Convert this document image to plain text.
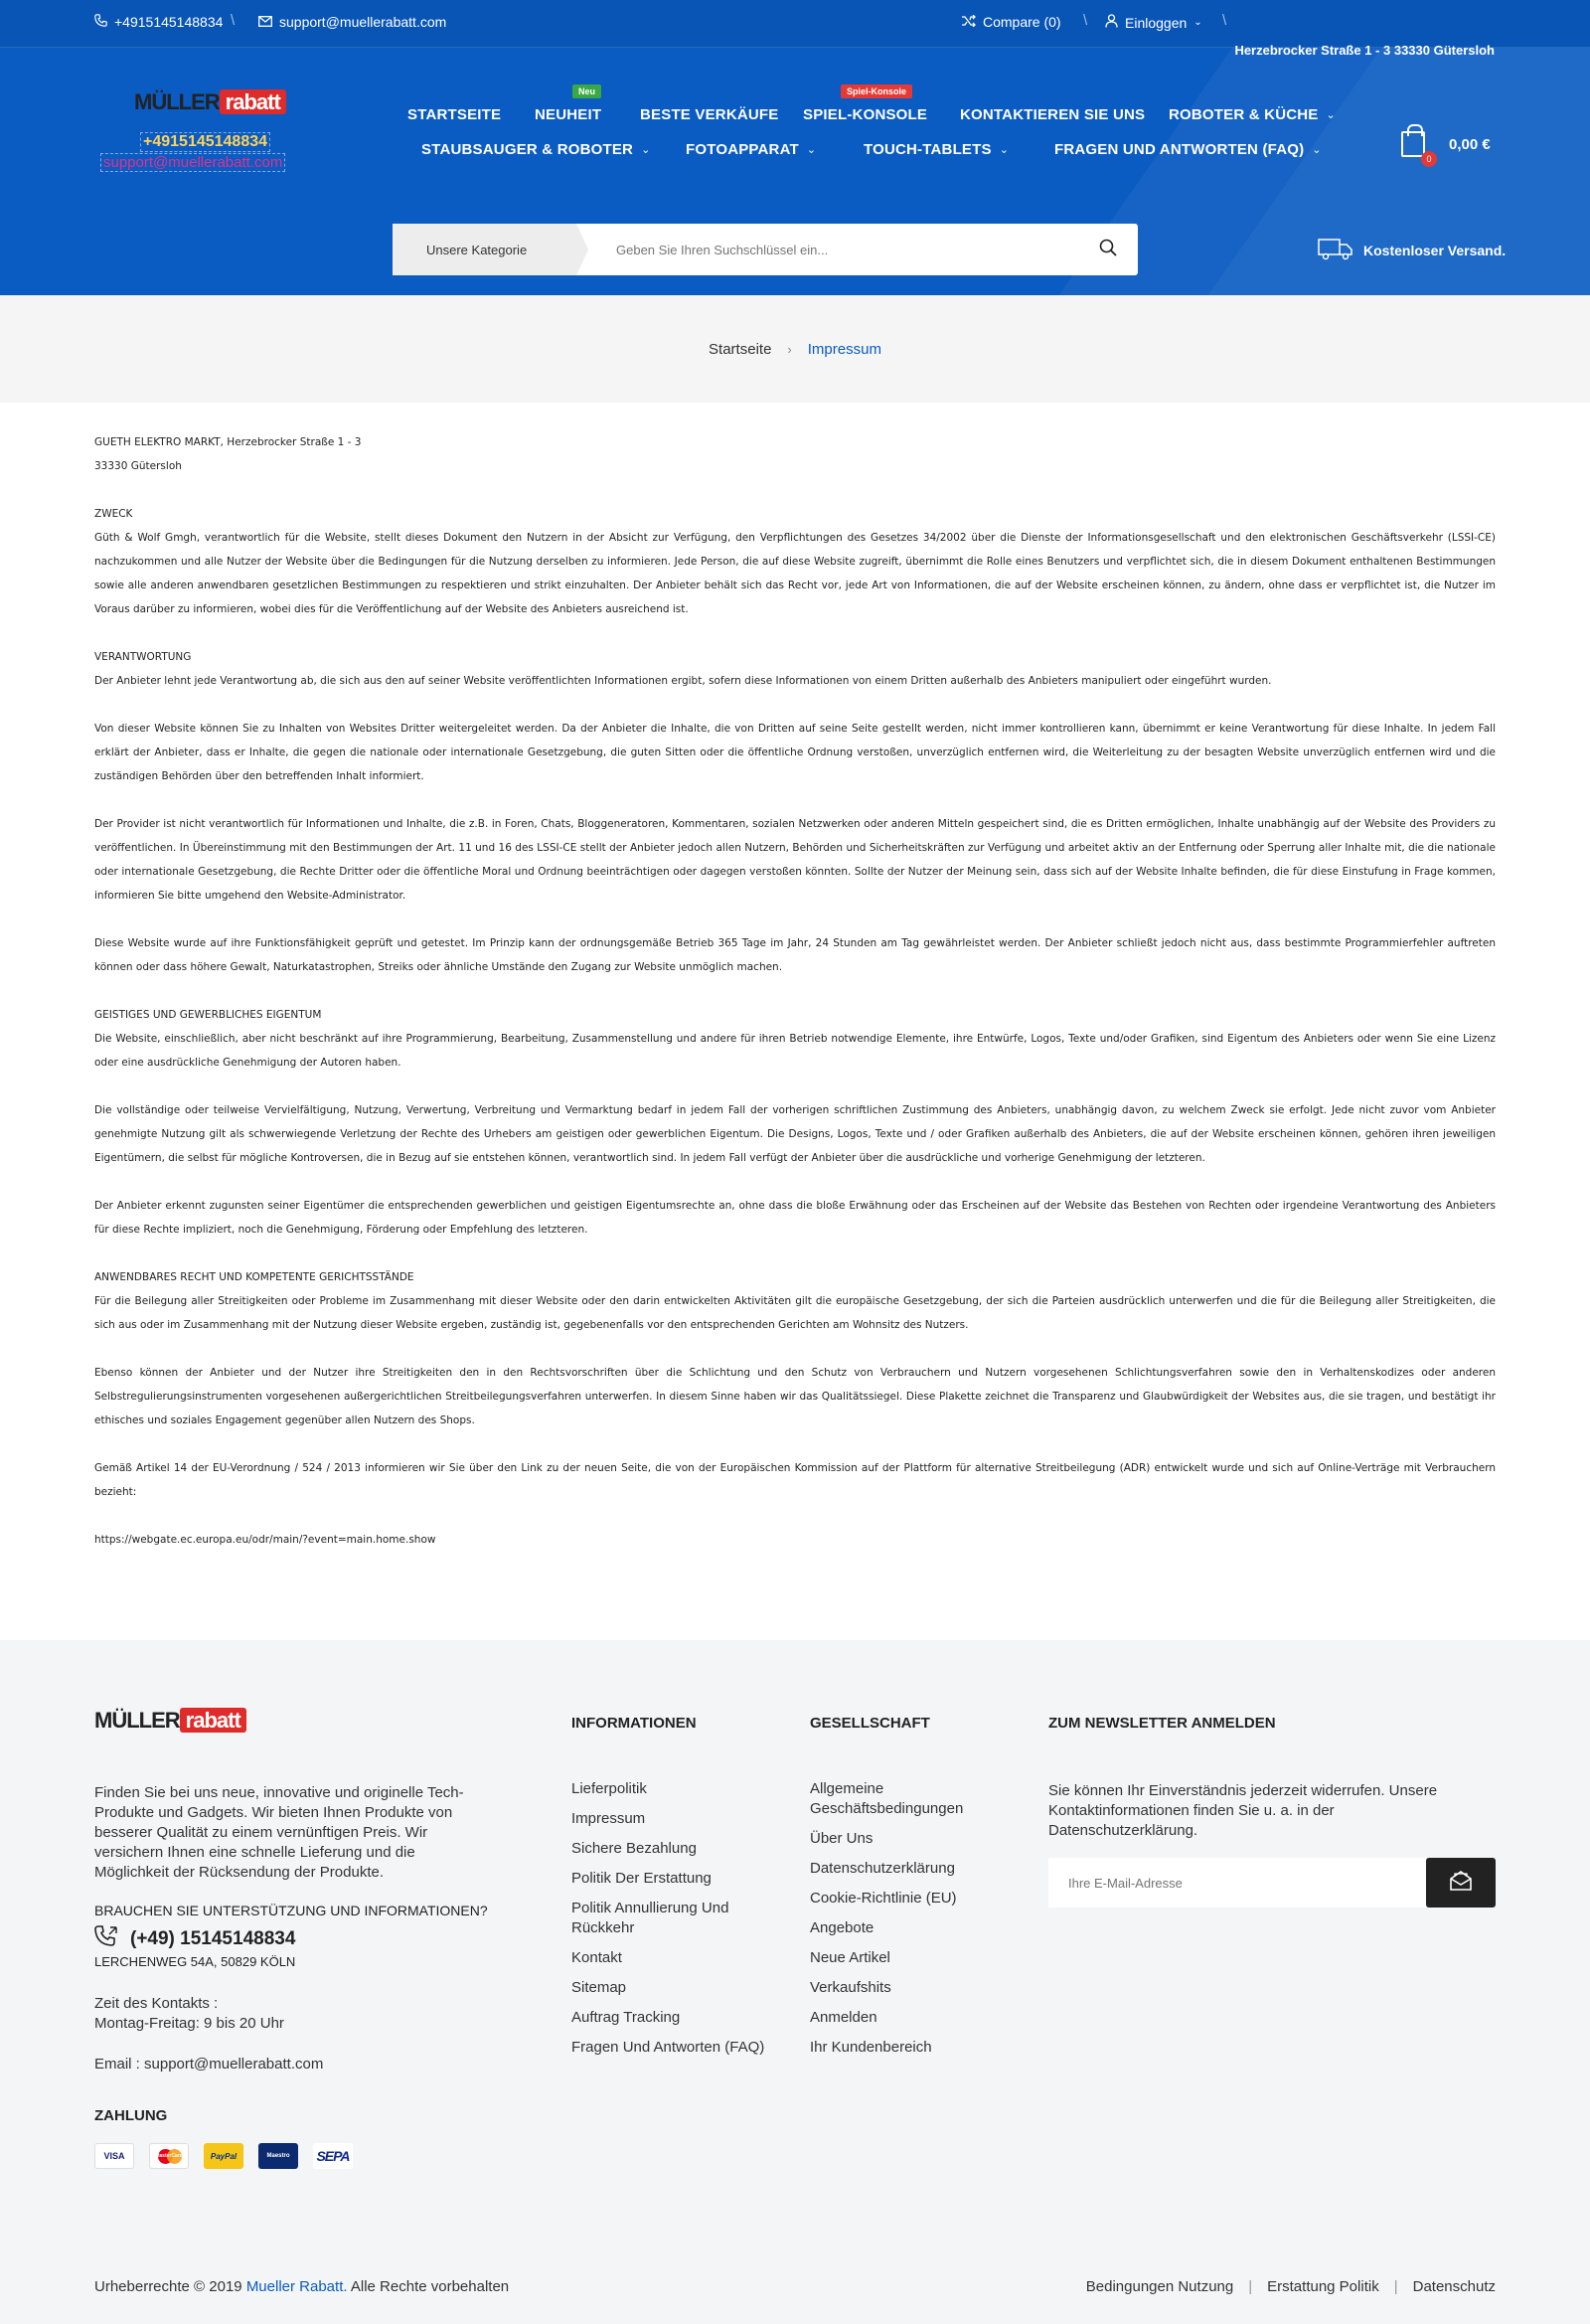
+4915145148834 \	support@muellerabatt.com	Compare (0) \	Einloggen ⌄ \
Herzebrocker Straße 1 - 3 33330 Gütersloh
MÜLLER rabatt
+4915145148834
support@muellerabatt.com
STARTSEITE
Neu
NEUHEIT	BESTE VERKÄUFE
Spiel-Konsole
SPIEL-KONSOLE KONTAKTIEREN SIE UNS ROBOTER & KÜCHE ⌄
STAUBSAUGER & ROBOTER ⌄ FOTOAPPARAT ⌄	TOUCH-TABLETS ⌄	FRAGEN UND ANTWORTEN (FAQ) ⌄
0
0,00 €
Unsere Kategorie
Geben Sie Ihren Suchschlüssel ein...	Kostenloser Versand.
Startseite › Impressum

GUETH ELEKTRO MARKT, Herzebrocker Straße 1 - 3

33330 Gütersloh

ZWECK

Güth & Wolf Gmgh, verantwortlich für die Website, stellt dieses Dokument den Nutzern in der Absicht zur Verfügung, den Verpflichtungen des Gesetzes 34/2002 über die Dienste der Informationsgesellschaft und den elektronischen Geschäftsverkehr (LSSI-CE) nachzukommen und alle Nutzer der Website über die Bedingungen für die Nutzung derselben zu informieren. Jede Person, die auf diese Website zugreift, übernimmt die Rolle eines Benutzers und verpflichtet sich, die in diesem Dokument enthaltenen Bestimmungen sowie alle anderen anwendbaren gesetzlichen Bestimmungen zu respektieren und strikt einzuhalten. Der Anbieter behält sich das Recht vor, jede Art von Informationen, die auf der Website erscheinen können, zu ändern, ohne dass er verpflichtet ist, die Nutzer im Voraus darüber zu informieren, wobei dies für die Veröffentlichung auf der Website des Anbieters ausreichend ist.

VERANTWORTUNG

Der Anbieter lehnt jede Verantwortung ab, die sich aus den auf seiner Website veröffentlichten Informationen ergibt, sofern diese Informationen von einem Dritten außerhalb des Anbieters manipuliert oder eingeführt wurden.

Von dieser Website können Sie zu Inhalten von Websites Dritter weitergeleitet werden. Da der Anbieter die Inhalte, die von Dritten auf seine Seite gestellt werden, nicht immer kontrollieren kann, übernimmt er keine Verantwortung für diese Inhalte. In jedem Fall erklärt der Anbieter, dass er Inhalte, die gegen die nationale oder internationale Gesetzgebung, die guten Sitten oder die öffentliche Ordnung verstoßen, unverzüglich entfernen wird, die Weiterleitung zu der besagten Website unverzüglich entfernen wird und die zuständigen Behörden über den betreffenden Inhalt informiert.

Der Provider ist nicht verantwortlich für Informationen und Inhalte, die z.B. in Foren, Chats, Bloggeneratoren, Kommentaren, sozialen Netzwerken oder anderen Mitteln gespeichert sind, die es Dritten ermöglichen, Inhalte unabhängig auf der Website des Providers zu veröffentlichen. In Übereinstimmung mit den Bestimmungen der Art. 11 und 16 des LSSI-CE stellt der Anbieter jedoch allen Nutzern, Behörden und Sicherheitskräften zur Verfügung und arbeitet aktiv an der Entfernung oder Sperrung aller Inhalte mit, die die nationale oder internationale Gesetzgebung, die Rechte Dritter oder die öffentliche Moral und Ordnung beeinträchtigen oder dagegen verstoßen könnten. Sollte der Nutzer der Meinung sein, dass sich auf der Website Inhalte befinden, die für diese Einstufung in Frage kommen, informieren Sie bitte umgehend den Website-Administrator.

Diese Website wurde auf ihre Funktionsfähigkeit geprüft und getestet. Im Prinzip kann der ordnungsgemäße Betrieb 365 Tage im Jahr, 24 Stunden am Tag gewährleistet werden. Der Anbieter schließt jedoch nicht aus, dass bestimmte Programmierfehler auftreten können oder dass höhere Gewalt, Naturkatastrophen, Streiks oder ähnliche Umstände den Zugang zur Website unmöglich machen.

GEISTIGES UND GEWERBLICHES EIGENTUM

Die Website, einschließlich, aber nicht beschränkt auf ihre Programmierung, Bearbeitung, Zusammenstellung und andere für ihren Betrieb notwendige Elemente, ihre Entwürfe, Logos, Texte und/oder Grafiken, sind Eigentum des Anbieters oder wenn Sie eine Lizenz oder eine ausdrückliche Genehmigung der Autoren haben.

Die vollständige oder teilweise Vervielfältigung, Nutzung, Verwertung, Verbreitung und Vermarktung bedarf in jedem Fall der vorherigen schriftlichen Zustimmung des Anbieters, unabhängig davon, zu welchem Zweck sie erfolgt. Jede nicht zuvor vom Anbieter genehmigte Nutzung gilt als schwerwiegende Verletzung der Rechte des Urhebers am geistigen oder gewerblichen Eigentum. Die Designs, Logos, Texte und / oder Grafiken außerhalb des Anbieters, die auf der Website erscheinen können, gehören ihren jeweiligen Eigentümern, die selbst für mögliche Kontroversen, die in Bezug auf sie entstehen können, verantwortlich sind. In jedem Fall verfügt der Anbieter über die ausdrückliche und vorherige Genehmigung der letzteren.

Der Anbieter erkennt zugunsten seiner Eigentümer die entsprechenden gewerblichen und geistigen Eigentumsrechte an, ohne dass die bloße Erwähnung oder das Erscheinen auf der Website das Bestehen von Rechten oder irgendeine Verantwortung des Anbieters für diese Rechte impliziert, noch die Genehmigung, Förderung oder Empfehlung des letzteren.

ANWENDBARES RECHT UND KOMPETENTE GERICHTSSTÄNDE

Für die Beilegung aller Streitigkeiten oder Probleme im Zusammenhang mit dieser Website oder den darin entwickelten Aktivitäten gilt die europäische Gesetzgebung, der sich die Parteien ausdrücklich unterwerfen und die für die Beilegung aller Streitigkeiten, die sich aus oder im Zusammenhang mit der Nutzung dieser Website ergeben, zuständig ist, gegebenenfalls vor den entsprechenden Gerichten am Wohnsitz des Nutzers.

Ebenso können der Anbieter und der Nutzer ihre Streitigkeiten den in den Rechtsvorschriften über die Schlichtung und den Schutz von Verbrauchern und Nutzern vorgesehenen Schlichtungsverfahren sowie den in Verhaltenskodizes oder anderen Selbstregulierungsinstrumenten vorgesehenen außergerichtlichen Streitbeilegungsverfahren unterwerfen. In diesem Sinne haben wir das Qualitätssiegel. Diese Plakette zeichnet die Transparenz und Glaubwürdigkeit der Websites aus, die sie tragen, und bestätigt ihr ethisches und soziales Engagement gegenüber allen Nutzern des Shops.

Gemäß Artikel 14 der EU-Verordnung / 524 / 2013 informieren wir Sie über den Link zu der neuen Seite, die von der Europäischen Kommission auf der Plattform für alternative Streitbeilegung (ADR) entwickelt wurde und sich auf Online-Verträge mit Verbrauchern bezieht:

https://webgate.ec.europa.eu/odr/main/?event=main.home.show

MÜLLER rabatt
Finden Sie bei uns neue, innovative und originelle Tech-Produkte und Gadgets. Wir bieten Ihnen Produkte von besserer Qualität zu einem vernünftigen Preis. Wir versichern Ihnen eine schnelle Lieferung und die Möglichkeit der Rücksendung der Produkte.
BRAUCHEN SIE UNTERSTÜTZUNG UND INFORMATIONEN?
(+49) 15145148834
LERCHENWEG 54A, 50829 KÖLN
Zeit des Kontakts :
Montag-Freitag: 9 bis 20 Uhr
Email : support@muellerabatt.com
ZAHLUNG
VISA	MasterCard	PayPal	Maestro SEPA
INFORMATIONEN
Lieferpolitik
Impressum
Sichere Bezahlung
Politik Der Erstattung
Politik Annullierung Und Rückkehr
Kontakt
Sitemap
Auftrag Tracking
Fragen Und Antworten (FAQ)
GESELLSCHAFT
Allgemeine Geschäftsbedingungen
Über Uns
Datenschutzerklärung
Cookie-Richtlinie (EU)
Angebote
Neue Artikel
Verkaufshits
Anmelden
Ihr Kundenbereich
ZUM NEWSLETTER ANMELDEN
Sie können Ihr Einverständnis jederzeit widerrufen. Unsere Kontaktinformationen finden Sie u. a. in der Datenschutzerklärung.
Ihre E-Mail-Adresse
Urheberrechte © 2019 Mueller Rabatt. Alle Rechte vorbehalten	Bedingungen Nutzung	|	Erstattung Politik	|	Datenschutz
